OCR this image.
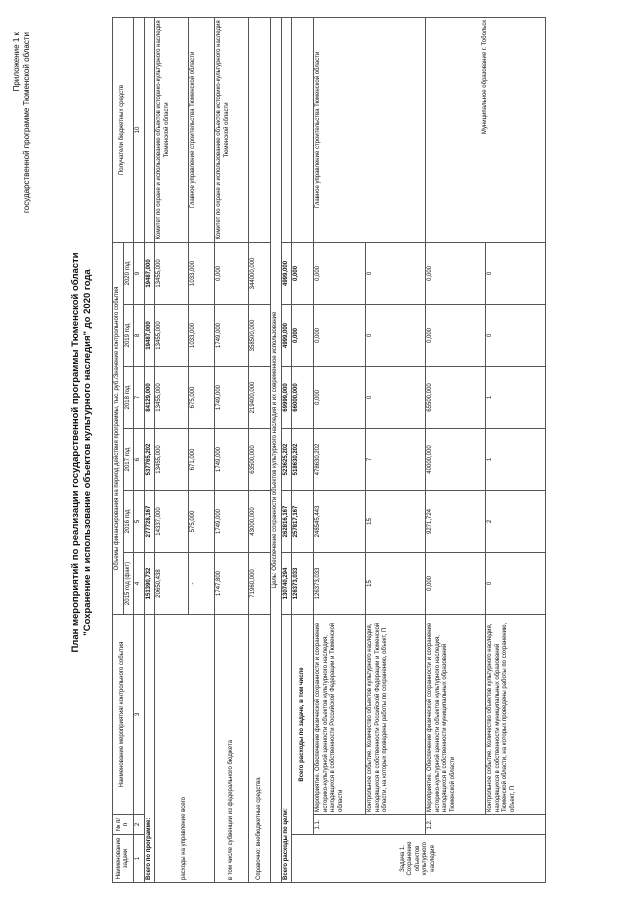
Приложение 1 к государственной программе Тюменской области
План мероприятий по реализации государственной программы Тюменской области "Сохранение и использование объектов культурного наследия" до 2020 года
Наименование задачи	№ п/п	Наименование мероприятия/ контрольного события	Объемы финансирования на период действия программы, тыс. руб./Значение контрольного события						Получатели бюджетных средств
			2015 год (факт)	2016 год	2017 год	2018 год	2019 год	2020 год	
1	2	3	4	5	6	7	8	9	10
Всего по программе:			151390,732	277728,167	537765,202	84129,000	19487,000	19487,000	
расходы на управление всего			20650,438	14337,000	13455,000	13455,000	13455,000	13455,000	Комитет по охране и использованию объектов историко-культурного наследия Тюменской области
			-	575,000	671,000	675,000	1033,000	1033,000	Главное управление строительства Тюменской области
в том числе субвенции из федерального бюджета			1747,800	1749,000	1749,000	1749,000	1749,000	0,000	Комитет по охране и использованию объектов историко-культурного наследия Тюменской области
Справочно: внебюджетные средства			71960,000	43000,000	63500,000	219400,000	358500,000	344000,000	
Цель: Обеспечение сохранности объектов культурного наследия и их современное использование									
Всего расходы по цели:			130740,294	262816,167	523625,202	69999,000	4999,000	4999,000	
Задача 1. Сохранение объектов культурного наследия	Всего расходы по задаче, в том числе		126373,033	257817,167	518630,202	66000,000	0,000	0,000	
	1.1.	Мероприятие. Обеспечение физической сохранности и сохранение историко-культурной ценности объектов культурного наследия, находящихся в собственности Российской Федерации и Тюменской области	126373,033	248545,443	478630,202	0,000	0,000	0,000	Главное управление строительства Тюменской области
		Контрольное событие. Количество объектов культурного наследия, находящихся в собственности Российской Федерации и Тюменской области, на которых проведены работы по сохранению, объект, П	15	15	7	0	0	0	
	1.2.	Мероприятие. Обеспечение физической сохранности и сохранение историко-культурной ценности объектов культурного наследия, находящихся в собственности муниципальных образований Тюменской области	0,000	9271,724	40000,000	65500,000	0,000	0,000	Муниципальное образование г. Тобольск
		Контрольное событие. Количество объектов культурного наследия, находящихся в собственности муниципальных образований Тюменской области, на которых проведены работы по сохранению, объект, П	0	2	1	1	0	0	
